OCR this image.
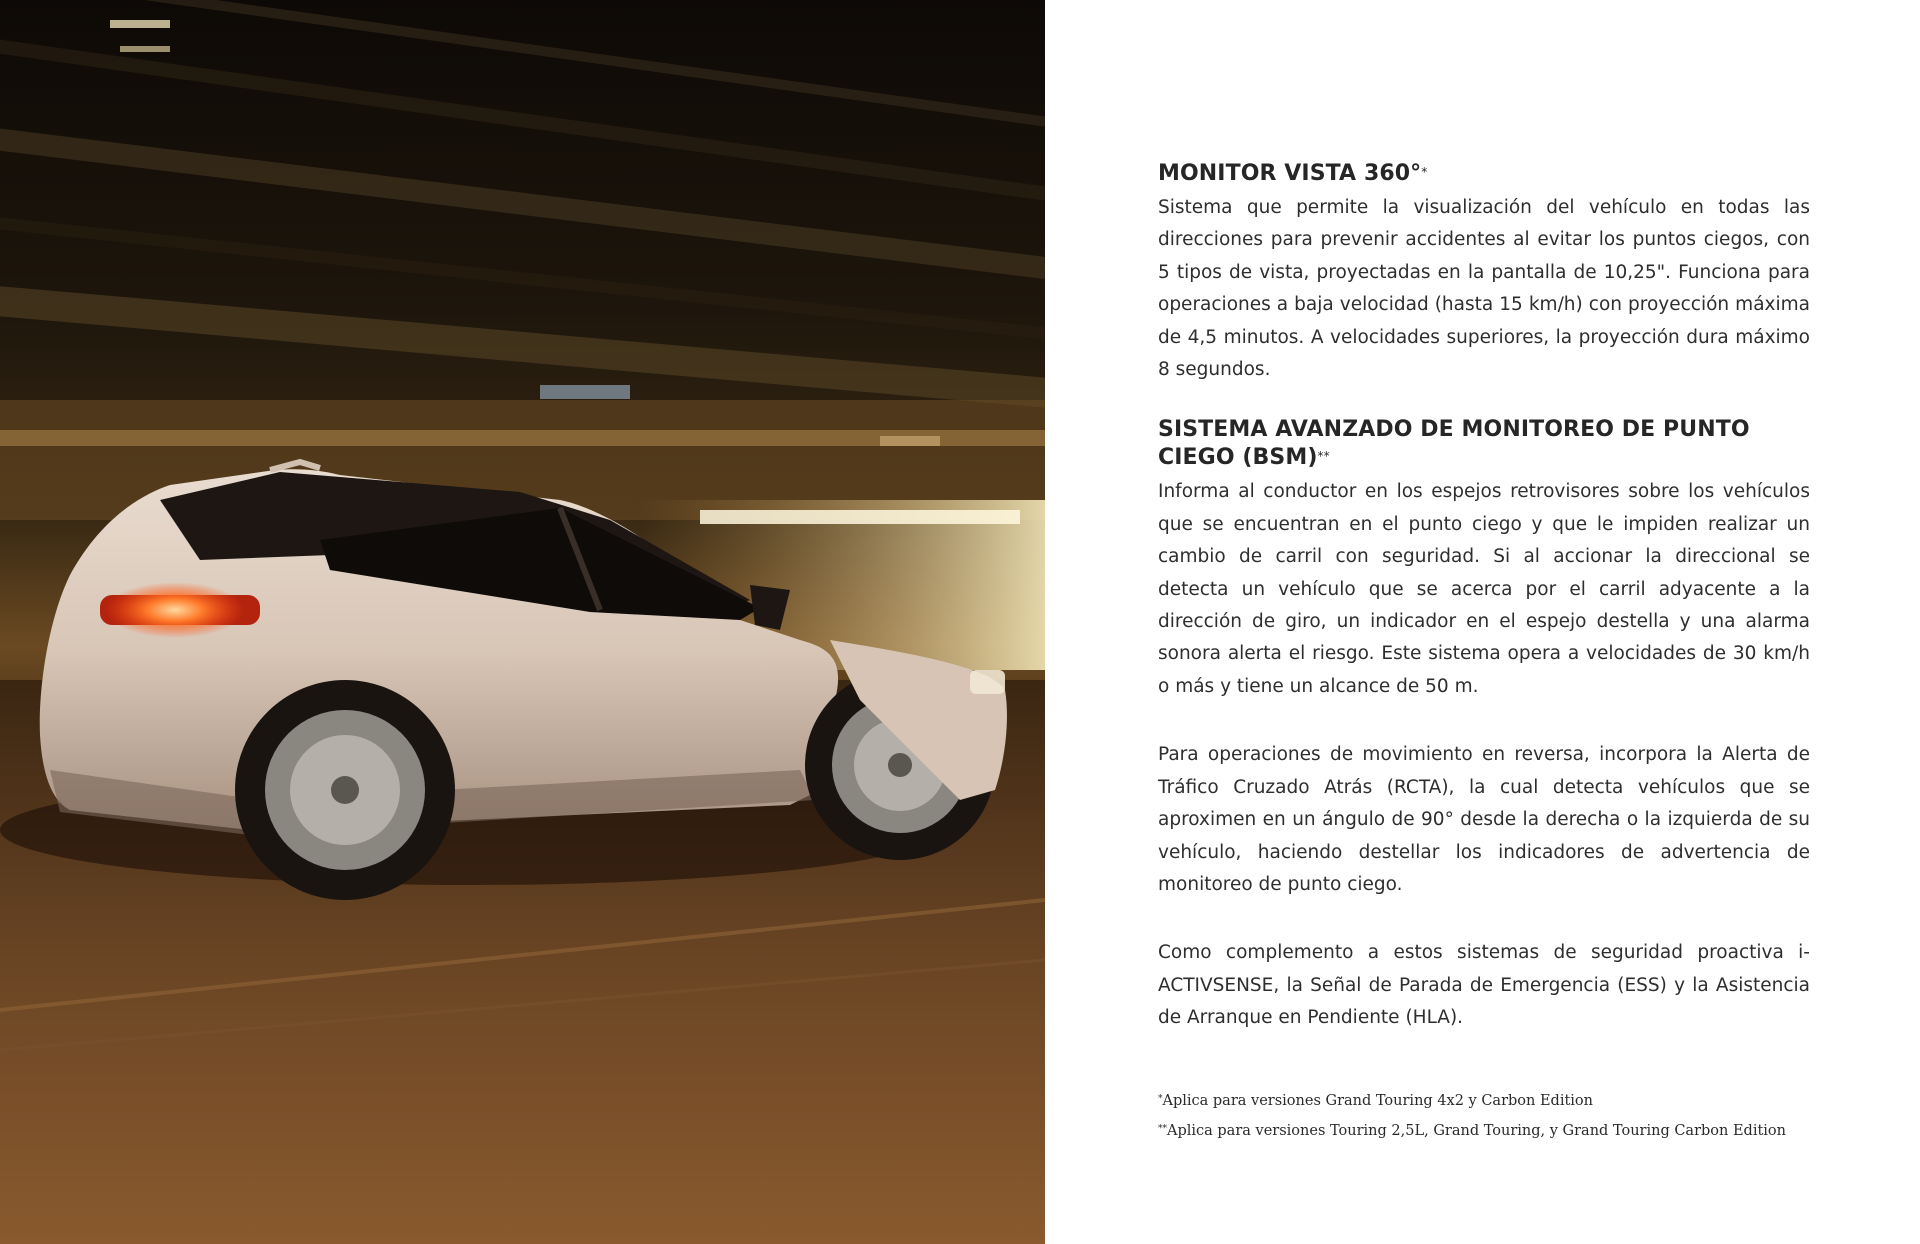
MONITOR VISTA 360°*

Sistema que permite la visualización del vehículo en todas las direcciones para prevenir accidentes al evitar los puntos ciegos, con 5 tipos de vista, proyectadas en la pantalla de 10,25". Funciona para operaciones a baja velocidad (hasta 15 km/h) con proyección máxima de 4,5 minutos. A velocidades superiores, la proyección dura máximo 8 segundos.

SISTEMA AVANZADO DE MONITOREO DE PUNTO CIEGO (BSM)**

Informa al conductor en los espejos retrovisores sobre los vehículos que se encuentran en el punto ciego y que le impiden realizar un cambio de carril con seguridad. Si al accionar la direccional se detecta un vehículo que se acerca por el carril adyacente a la dirección de giro, un indicador en el espejo destella y una alarma sonora alerta el riesgo. Este sistema opera a velocidades de 30 km/h o más y tiene un alcance de 50 m.

Para operaciones de movimiento en reversa, incorpora la Alerta de Tráfico Cruzado Atrás (RCTA), la cual detecta vehículos que se aproximen en un ángulo de 90° desde la derecha o la izquierda de su vehículo, haciendo destellar los indicadores de advertencia de monitoreo de punto ciego.

Como complemento a estos sistemas de seguridad proactiva i-ACTIVSENSE, la Señal de Parada de Emergencia (ESS) y la Asistencia de Arranque en Pendiente (HLA).

*Aplica para versiones Grand Touring 4x2 y Carbon Edition
**Aplica para versiones Touring 2,5L, Grand Touring, y Grand Touring Carbon Edition
